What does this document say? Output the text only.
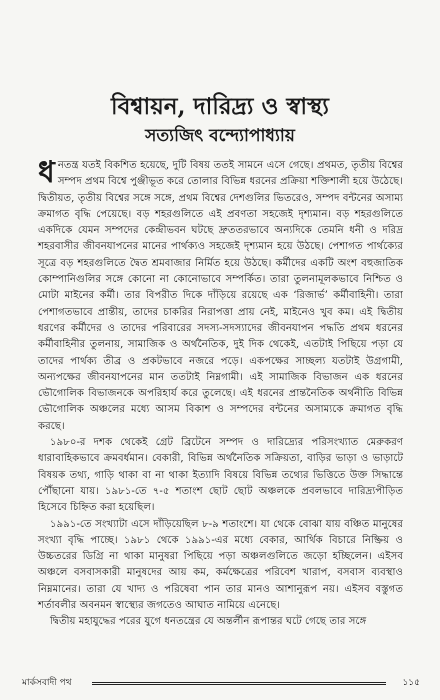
বিশ্বায়ন, দারিদ্র্য ও স্বাস্থ্য
সত্যজিৎ বন্দ্যোপাধ্যায়

ধনতন্ত্র যতই বিকশিত হয়েছে, দুটি বিষয় ততই সামনে এসে গেছে। প্রথমত, তৃতীয় বিশ্বের সম্পদ প্রথম বিশ্বে পুঞ্জীভূত করে তোলার বিভিন্ন ধরনের প্রক্রিয়া শক্তিশালী হয়ে উঠেছে। দ্বিতীয়ত, তৃতীয় বিশ্বের সঙ্গে সঙ্গে, প্রথম বিশ্বের দেশগুলির ভিতরেও, সম্পদ বন্টনের অসাম্য ক্রমাগত বৃদ্ধি পেয়েছে। বড় শহরগুলিতে এই প্রবণতা সহজেই দৃশ্যমান। বড় শহরগুলিতে একদিকে যেমন সম্পদের কেন্দ্রীভবন ঘটছে দ্রুততরভাবে অন্যদিকে তেমনি ধনী ও দরিদ্র শহরবাসীর জীবনযাপনের মানের পার্থক্যও সহজেই দৃশ্যমান হয়ে উঠছে। পেশাগত পার্থক্যের সূত্রে বড় শহরগুলিতে দ্বৈত শ্রমবাজার নির্মিত হয়ে উঠছে। কর্মীদের একটি অংশ বহুজাতিক কোম্পানিগুলির সঙ্গে কোনো না কোনোভাবে সম্পর্কিত। তারা তুলনামূলকভাবে নিশ্চিত ও মোটা মাইনের কর্মী। তার বিপরীত দিকে দাঁড়িয়ে রয়েছে এক ‘রিজার্ভ’ কর্মীবাহিনী। তারা পেশাগতভাবে প্রান্তীয়, তাদের চাকরির নিরাপত্তা প্রায় নেই, মাইনেও খুব কম। এই দ্বিতীয় ধরণের কর্মীদের ও তাদের পরিবারের সদস্য-সদস্যাদের জীবনযাপন পদ্ধতি প্রথম ধরনের কর্মীবাহিনীর তুলনায়, সামাজিক ও অর্থনৈতিক, দুই দিক থেকেই, এতটাই পিছিয়ে পড়া যে তাদের পার্থক্য তীব্র ও প্রকটভাবে নজরে পড়ে। একপক্ষের সাচ্ছল্য যতটাই উগ্রগামী, অন্যপক্ষের জীবনযাপনের মান ততটাই নিম্নগামী। এই সামাজিক বিভাজন এক ধরনের ভৌগোলিক বিভাজনকে অপরিহার্য করে তুলেছে। এই ধরনের প্রান্তনৈতিক অর্থনীতি বিভিন্ন ভৌগোলিক অঞ্চলের মধ্যে আসম বিকাশ ও সম্পদের বন্টনের অসাম্যকে ক্রমাগত বৃদ্ধি করছে।

১৯৮০-র দশক থেকেই গ্রেট ব্রিটেনে সম্পদ ও দারিদ্র্যের পরিসংখ্যাত মেরুকরণ ধারাবাহিকভাবে ক্রমবর্ধমান। বেকারী, বিভিন্ন অর্থনৈতিক সক্রিয়তা, বাড়ির ভাড়া ও ভাড়াটে বিষয়ক তথ্য, গাড়ি থাকা বা না থাকা ইত্যাদি বিষয়ে বিভিন্ন তথ্যের ভিত্তিতে উক্ত সিদ্ধান্তে পৌঁছানো যায়। ১৯৮১-তে ৭-৫ শতাংশ ছোট ছোট অঞ্চলকে প্রবলভাবে দারিদ্র্যপীড়িত হিসেবে চিহ্নিত করা হয়েছিল।

১৯৯১-তে সংখ্যাটা এসে দাঁড়িয়েছিল ৮-৯ শতাংশে। যা থেকে বোঝা যায় বঞ্চিত মানুষের সংখ্যা বৃদ্ধি পাচ্ছে। ১৯৮১ থেকে ১৯৯১-এর মধ্যে বেকার, আর্থিক বিচারে নিষ্ক্রিয় ও উচ্চতরের ডিগ্রি না থাকা মানুষরা পিছিয়ে পড়া অঞ্চলগুলিতে জড়ো হচ্ছিলেন। এইসব অঞ্চলে বসবাসকারী মানুষদের আয় কম, কর্মক্ষেত্রের পরিবেশ খারাপ, বসবাস ব্যবস্থাও নিম্নমানের। তারা যে খাদ্য ও পরিষেবা পান তার মানও আশানুরূপ নয়। এইসব বস্তুগত শর্তাবলীর অবনমন স্বাস্থ্যের জগতেও আঘাত নামিয়ে এনেছে।

দ্বিতীয় মহাযুদ্ধের পরের যুগে ধনতন্ত্রের যে অন্তর্লীন রূপান্তর ঘটে গেছে তার সঙ্গে

মার্কসবাদী পথ	১১৫
